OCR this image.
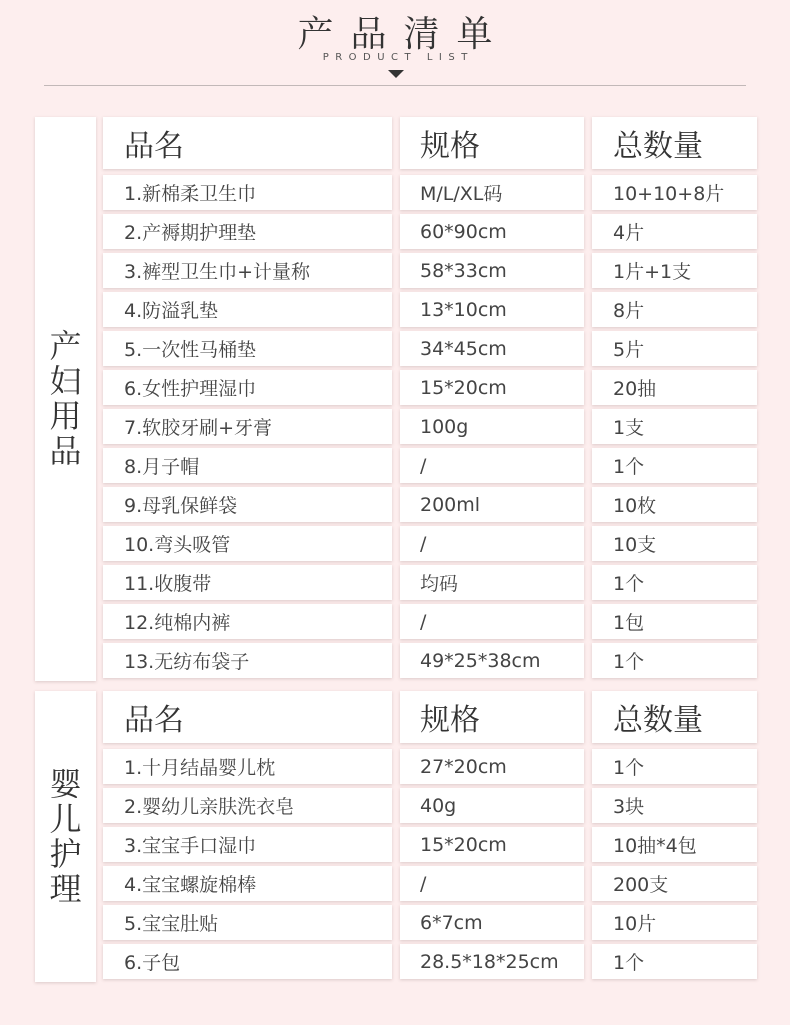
产品清单
PRODUCT LIST
产妇用品
品名	规格	总数量
1.新棉柔卫生巾	M/L/XL码	10+10+8片
2.产褥期护理垫	60*90cm	4片
3.裤型卫生巾+计量称	58*33cm	1片+1支
4.防溢乳垫	13*10cm	8片
5.一次性马桶垫	34*45cm	5片
6.女性护理湿巾	15*20cm	20抽
7.软胶牙刷+牙膏	100g	1支
8.月子帽	/	1个
9.母乳保鲜袋	200ml	10枚
10.弯头吸管	/	10支
11.收腹带	均码	1个
12.纯棉内裤	/	1包
13.无纺布袋子	49*25*38cm	1个
婴儿护理
品名	规格	总数量
1.十月结晶婴儿枕	27*20cm	1个
2.婴幼儿亲肤洗衣皂	40g	3块
3.宝宝手口湿巾	15*20cm	10抽*4包
4.宝宝螺旋棉棒	/	200支
5.宝宝肚贴	6*7cm	10片
6.子包	28.5*18*25cm	1个
